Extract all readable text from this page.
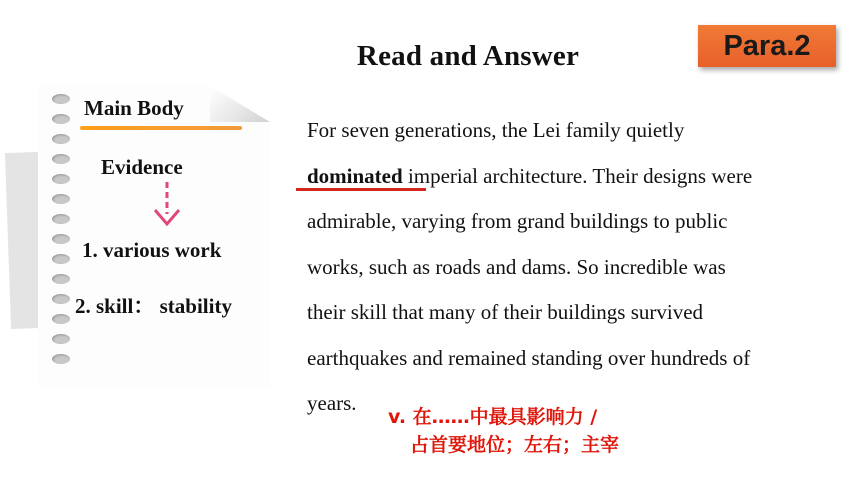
Read and Answer	Para.2
Main Body
Evidence
1. various work
2. skill： stability
For seven generations, the Lei family quietly
dominated imperial architecture. Their designs were
admirable, varying from grand buildings to public
works, such as roads and dams. So incredible was
their skill that many of their buildings survived
earthquakes and remained standing over hundreds of
years.
v. 在……中最具影响力 /
占首要地位；左右；主宰
